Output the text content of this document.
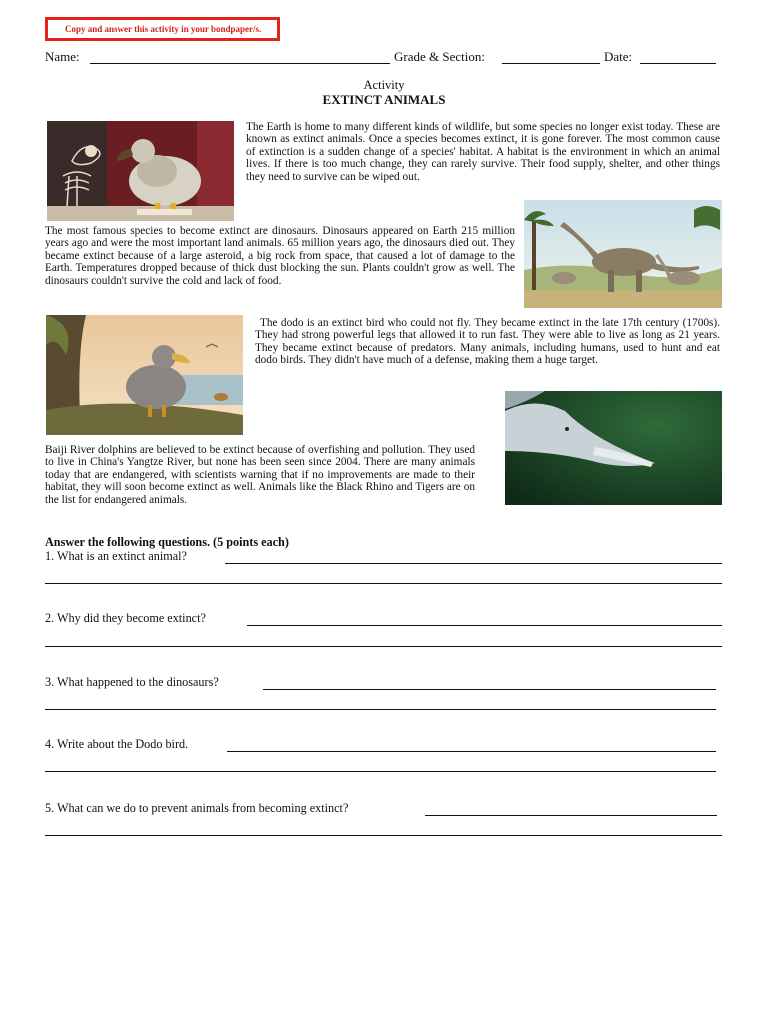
Copy and answer this activity in your bondpaper/s.
Name:	Grade & Section:	Date:
Activity
EXTINCT ANIMALS

The Earth is home to many different kinds of wildlife, but some species no longer exist today. These are known as extinct animals. Once a species becomes extinct, it is gone forever. The most common cause of extinction is a sudden change of a species' habitat. A habitat is the environment in which an animal lives. If there is too much change, they can rarely survive. Their food supply, shelter, and other things they need to survive can be wiped out.

The most famous species to become extinct are dinosaurs. Dinosaurs appeared on Earth 215 million years ago and were the most important land animals. 65 million years ago, the dinosaurs died out. They became extinct because of a large asteroid, a big rock from space, that caused a lot of damage to the Earth. Temperatures dropped because of thick dust blocking the sun. Plants couldn't grow as well. The dinosaurs couldn't survive the cold and lack of food.

The dodo is an extinct bird who could not fly. They became extinct in the late 17th century (1700s). They had strong powerful legs that allowed it to run fast. They were able to live as long as 21 years. They became extinct because of predators. Many animals, including humans, used to hunt and eat dodo birds. They didn't have much of a defense, making them a huge target.

Baiji River dolphins are believed to be extinct because of overfishing and pollution. They used to live in China's Yangtze River, but none has been seen since 2004. There are many animals today that are endangered, with scientists warning that if no improvements are made to their habitat, they will soon become extinct as well. Animals like the Black Rhino and Tigers are on the list for endangered animals.

Answer the following questions. (5 points each)
1. What is an extinct animal?
2. Why did they become extinct?
3. What happened to the dinosaurs?
4. Write about the Dodo bird.
5. What can we do to prevent animals from becoming extinct?
